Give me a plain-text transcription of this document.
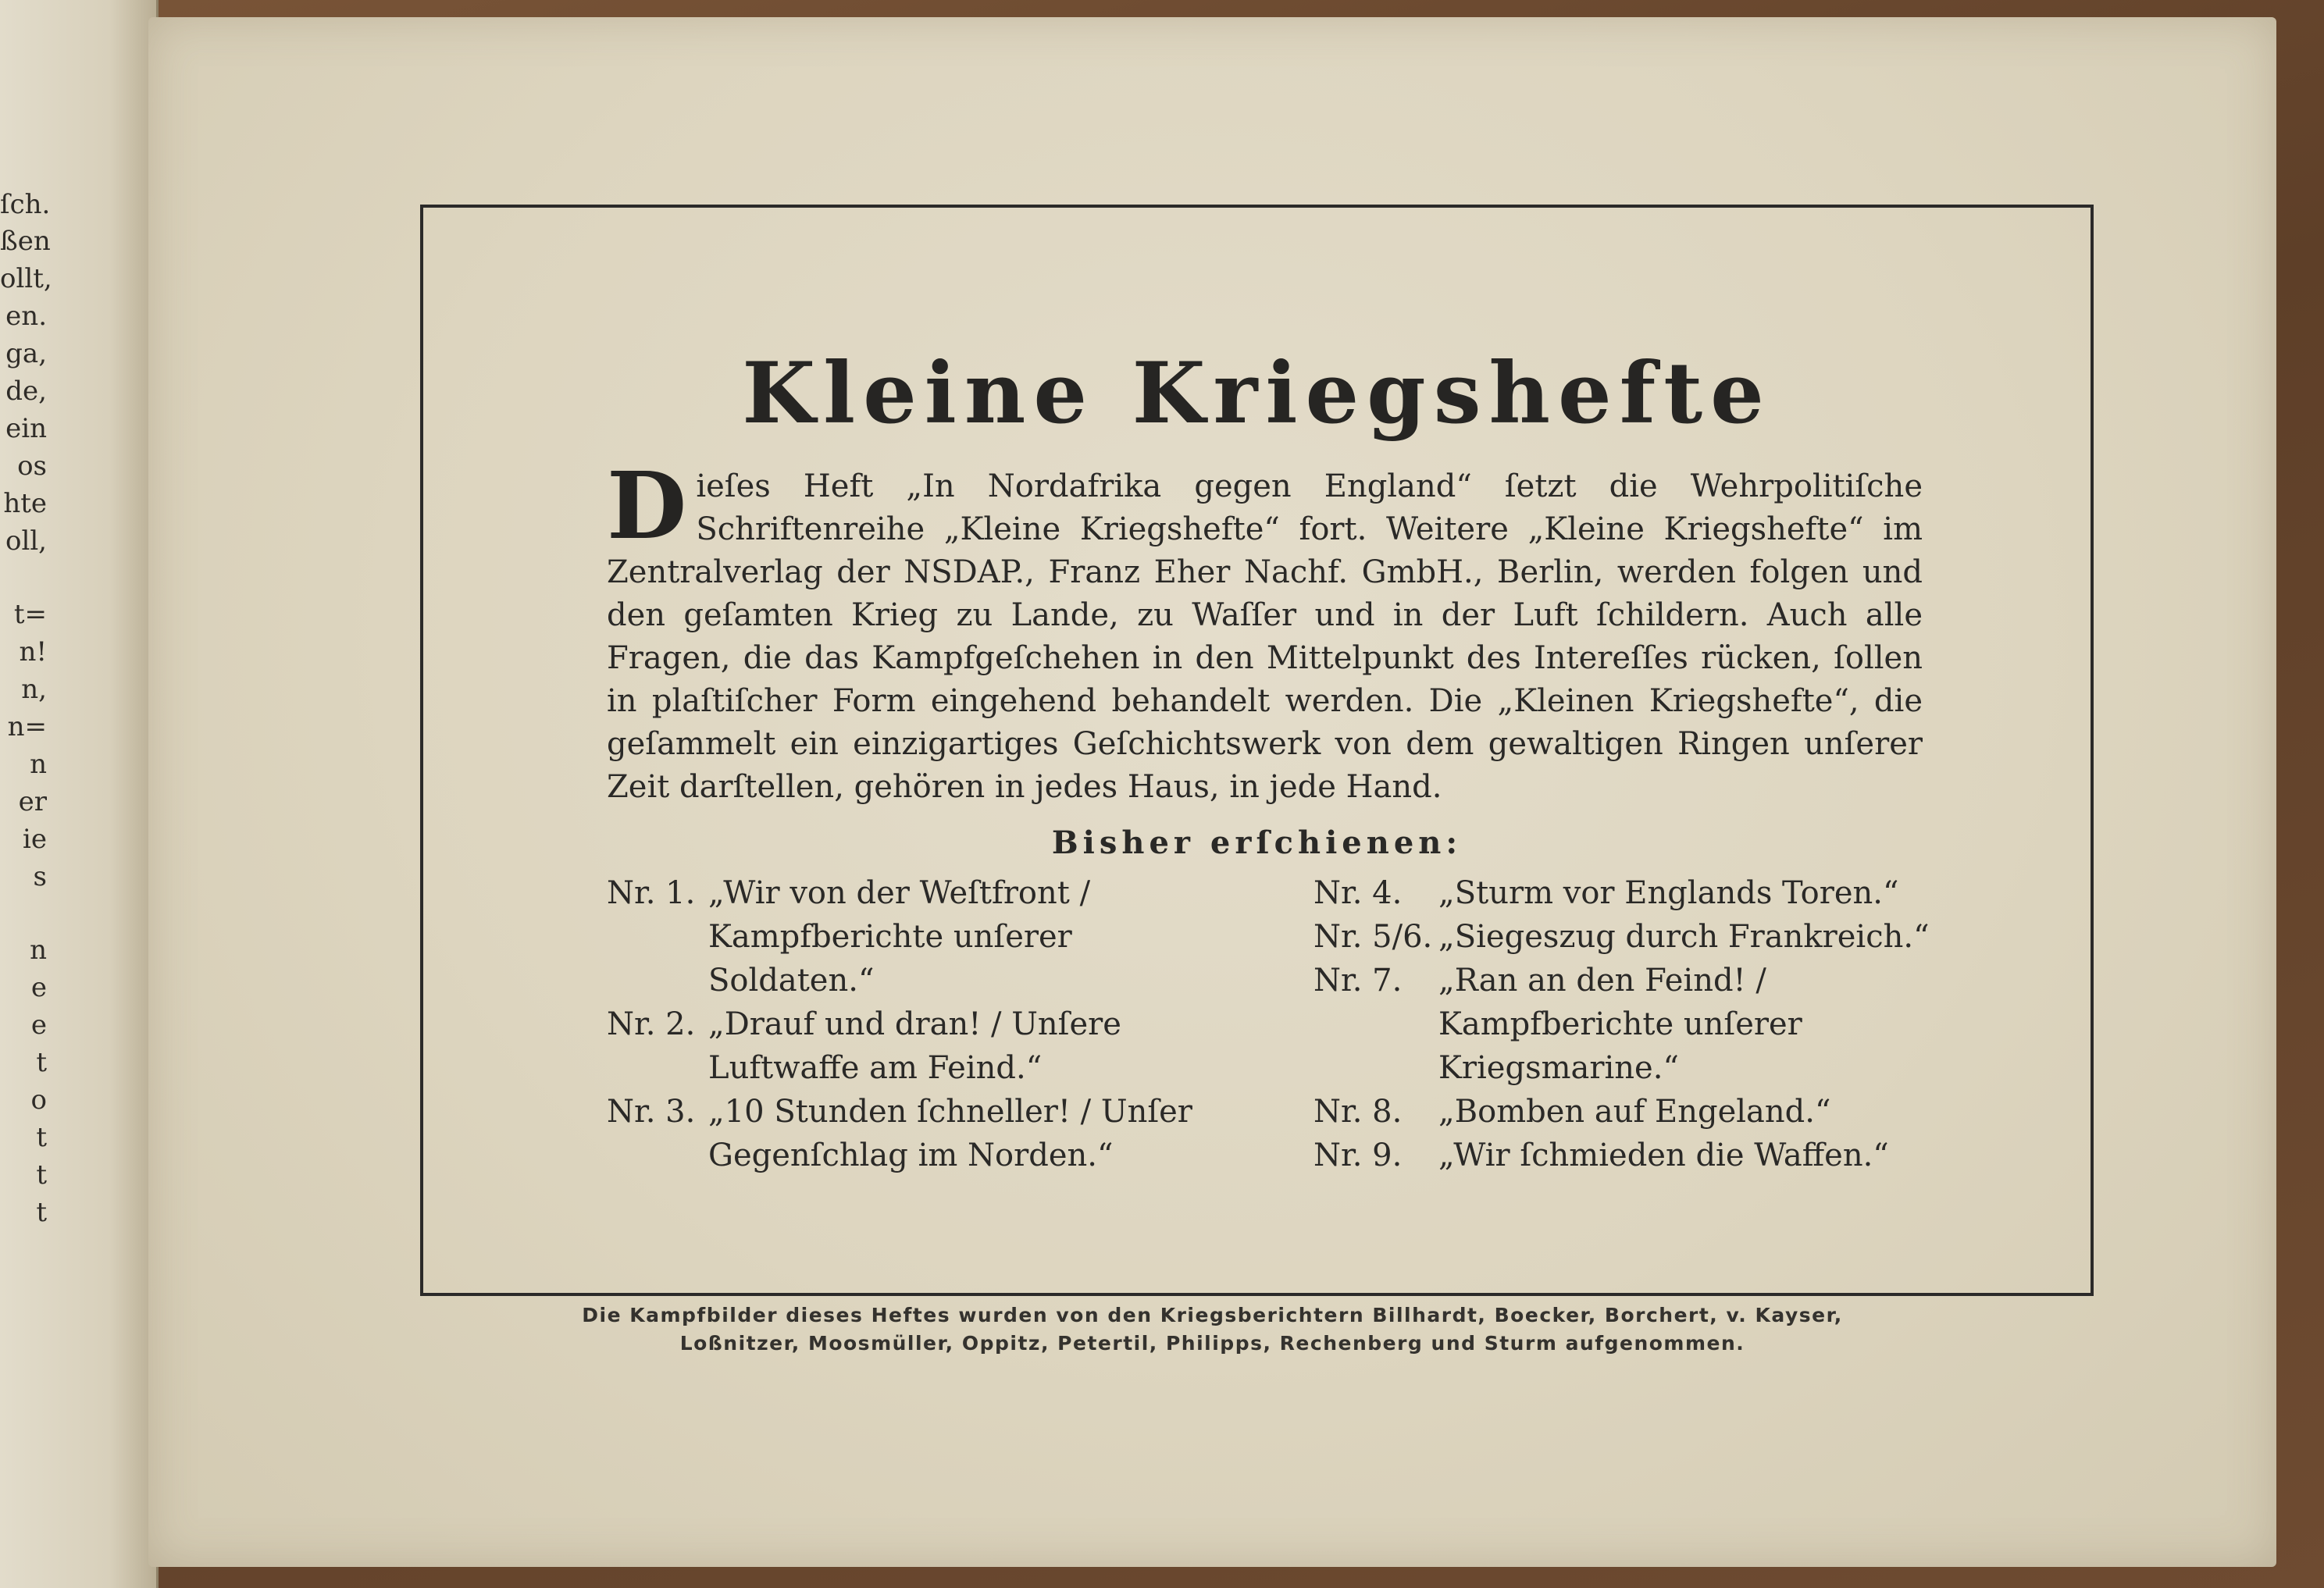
ſch.
ßen
ollt,
en.
ga,
de,
ein
os
hte
oll,
t=
n!
n,
n=
n
er
ie
s
n
e
e
t
o
t
t
t
Kleine Kriegshefte
D ieſes Heft „In Nordafrika gegen England“ ſetzt die Wehrpolitiſche Schriftenreihe „Kleine Kriegshefte“ fort. Weitere „Kleine Kriegshefte“ im Zentralverlag der NSDAP., Franz Eher Nachf. GmbH., Berlin, werden folgen und den geſamten Krieg zu Lande, zu Waſſer und in der Luft ſchildern. Auch alle Fragen, die das Kampfgeſchehen in den Mittelpunkt des Intereſſes rücken, ſollen in plaſtiſcher Form eingehend behandelt werden. Die „Kleinen Kriegshefte“, die geſammelt ein einzigartiges Geſchichtswerk von dem gewaltigen Ringen unſerer Zeit darſtellen, gehören in jedes Haus, in jede Hand.
Bisher erſchienen:
Nr. 1. „Wir von der Weſtfront / Kampfberichte unſerer Soldaten.“
Nr. 2. „Drauf und dran! / Unſere Luftwaffe am Feind.“
Nr. 3. „10 Stunden ſchneller! / Unſer Gegenſchlag im Norden.“
Nr. 4.	„Sturm vor Englands Toren.“
Nr. 5/6. „Siegeszug durch Frankreich.“
Nr. 7.	„Ran an den Feind! / Kampfberichte unſerer Kriegsmarine.“
Nr. 8.	„Bomben auf Engeland.“
Nr. 9.	„Wir ſchmieden die Waffen.“
Die Kampfbilder dieses Heftes wurden von den Kriegsberichtern Billhardt, Boecker, Borchert, v. Kayser,
Loßnitzer, Moosmüller, Oppitz, Petertil, Philipps, Rechenberg und Sturm aufgenommen.
